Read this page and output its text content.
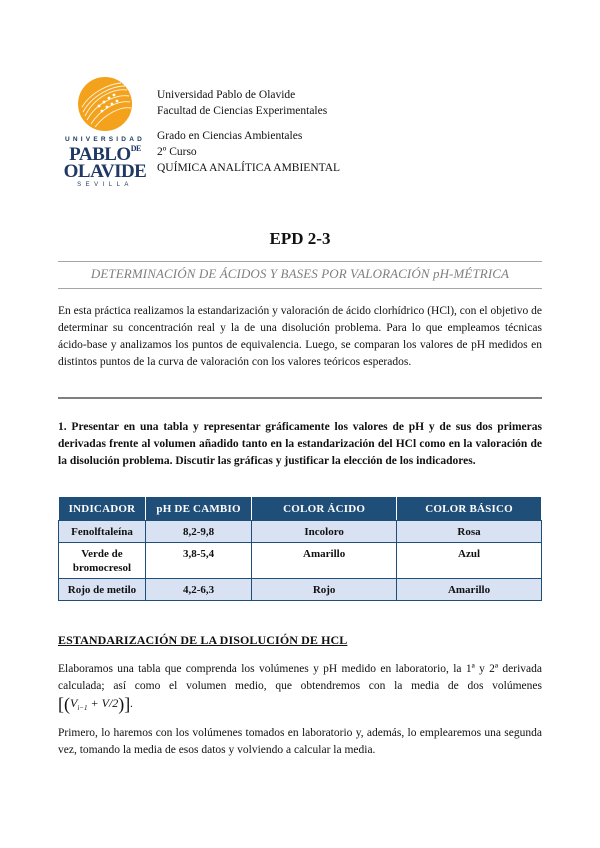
UNIVERSIDAD
$PABLO^{DE}$
OLAVIDE
SEVILLA
Universidad Pablo de Olavide
Facultad de Ciencias Experimentales
Grado en Ciencias Ambientales
2º Curso
QUÍMICA ANALÍTICA AMBIENTAL
EPD 2-3
DETERMINACIÓN DE ÁCIDOS Y BASES POR VALORACIÓN pH-MÉTRICA
En esta práctica realizamos la estandarización y valoración de ácido clorhídrico (HCl), con el objetivo de determinar su concentración real y la de una disolución problema. Para lo que empleamos técnicas ácido-base y analizamos los puntos de equivalencia. Luego, se comparan los valores de pH medidos en distintos puntos de la curva de valoración con los valores teóricos esperados.
1. Presentar en una tabla y representar gráficamente los valores de pH y de sus dos primeras derivadas frente al volumen añadido tanto en la estandarización del HCl como en la valoración de la disolución problema. Discutir las gráficas y justificar la elección de los indicadores.
INDICADOR	pH DE CAMBIO	COLOR ÁCIDO	COLOR BÁSICO
Fenolftaleína	8,2-9,8	Incoloro	Rosa
Verde de bromocresol	3,8-5,4	Amarillo	Azul
Rojo de metilo	4,2-6,3	Rojo	Amarillo
ESTANDARIZACIÓN DE LA DISOLUCIÓN DE HCL
Elaboramos una tabla que comprenda los volúmenes y pH medido en laboratorio, la 1ª y 2ª derivada calculada; así como el volumen medio, que obtendremos con la media de dos volúmenes $[(V_{i-1} + V/2)]$.
Primero, lo haremos con los volúmenes tomados en laboratorio y, además, lo emplearemos una segunda vez, tomando la media de esos datos y volviendo a calcular la media.
